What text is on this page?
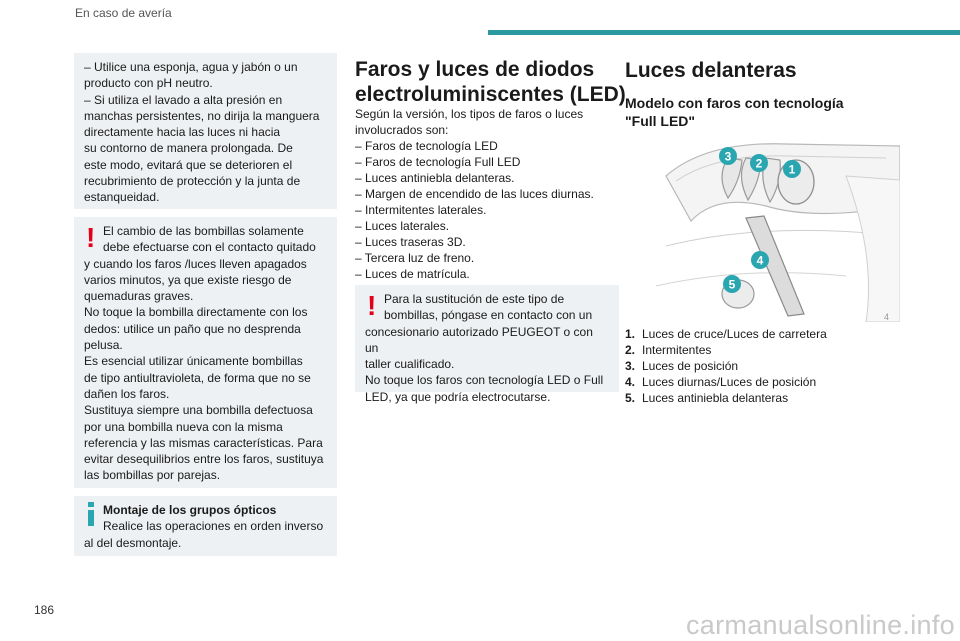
En caso de avería

– Utilice una esponja, agua y jabón o un

producto con pH neutro.

– Si utiliza el lavado a alta presión en

manchas persistentes, no dirija la manguera

directamente hacia las luces ni hacia

su contorno de manera prolongada. De

este modo, evitará que se deterioren el

recubrimiento de protección y la junta de

estanqueidad.

El cambio de las bombillas solamente

debe efectuarse con el contacto quitado

y cuando los faros /luces lleven apagados

varios minutos, ya que existe riesgo de

quemaduras graves.

No toque la bombilla directamente con los

dedos: utilice un paño que no desprenda

pelusa.

Es esencial utilizar únicamente bombillas

de tipo antiultravioleta, de forma que no se

dañen los faros.

Sustituya siempre una bombilla defectuosa

por una bombilla nueva con la misma

referencia y las mismas características. Para

evitar desequilibrios entre los faros, sustituya

las bombillas por parejas.

!

Montaje de los grupos ópticos

Realice las operaciones en orden inverso

al del desmontaje.

Faros y luces de diodos
electroluminiscentes (LED)

Según la versión, los tipos de faros o luces

involucrados son:

– Faros de tecnología LED

– Faros de tecnología Full LED

– Luces antiniebla delanteras.

– Margen de encendido de las luces diurnas.

– Intermitentes laterales.

– Luces laterales.

– Luces traseras 3D.

– Tercera luz de freno.

– Luces de matrícula.

Para la sustitución de este tipo de

bombillas, póngase en contacto con un

concesionario autorizado PEUGEOT o con un

taller cualificado.

No toque los faros con tecnología LED o Full

LED, ya que podría electrocutarse.

!
Luces delanteras
Modelo con faros con tecnología
"Full LED"
3 2 1
4
5
4
1. Luces de cruce/Luces de carretera
2. Intermitentes
3. Luces de posición
4. Luces diurnas/Luces de posición
5. Luces antiniebla delanteras
186	carmanualsonline.info
